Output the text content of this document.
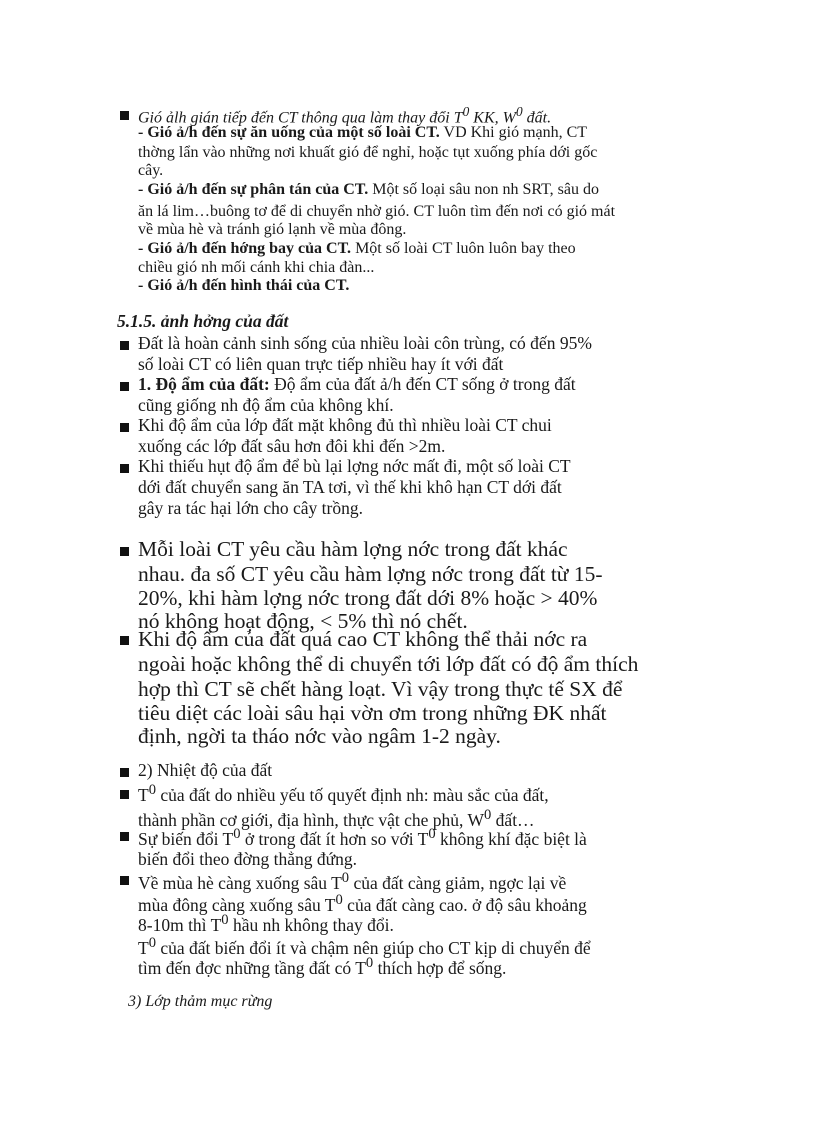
Gió ảlh gián tiếp đến CT thông qua làm thay đổi $T^0$ KK, $W^0$ đất.
- Gió ả/h đến sự ăn uống của một số loài CT. VD Khi gió mạnh, CT
thờng lẩn vào những nơi khuất gió để nghỉ, hoặc tụt xuống phía dới gốc
cây.
- Gió ả/h đến sự phân tán của CT. Một số loại sâu non nh SRT, sâu do
ăn lá lim…buông tơ để di chuyển nhờ gió. CT luôn tìm đến nơi có gió mát
về mùa hè và tránh gió lạnh về mùa đông.
- Gió ả/h đến hớng bay của CT. Một số loài CT luôn luôn bay theo
chiều gió nh mối cánh khi chia đàn...
- Gió ả/h đến hình thái của CT.
5.1.5. ảnh hởng của đất
Đất là hoàn cảnh sinh sống của nhiều loài côn trùng, có đến 95%
số loài CT có liên quan trực tiếp nhiều hay ít với đất
1. Độ ẩm của đất: Độ ẩm của đất ả/h đến CT sống ở trong đất
cũng giống nh độ ẩm của không khí.
Khi độ ẩm của lớp đất mặt không đủ thì nhiều loài CT chui
xuống các lớp đất sâu hơn đôi khi đến >2m.
Khi thiếu hụt độ ẩm để bù lại lợng nớc mất đi, một số loài CT
dới đất chuyển sang ăn TA tơi, vì thế khi khô hạn CT dới đất
gây ra tác hại lớn cho cây trồng.
Mỗi loài CT yêu cầu hàm lợng nớc trong đất khác
nhau. đa số CT yêu cầu hàm lợng nớc trong đất từ 15-
20%, khi hàm lợng nớc trong đất dới 8% hoặc > 40%
nó không hoạt động, < 5% thì nó chết.
Khi độ ẩm của đất quá cao CT không thể thải nớc ra
ngoài hoặc không thể di chuyển tới lớp đất có độ ẩm thích
hợp thì CT sẽ chết hàng loạt. Vì vậy trong thực tế SX để
tiêu diệt các loài sâu hại vờn ơm trong những ĐK nhất
định, ngời ta tháo nớc vào ngâm 1-2 ngày.
2) Nhiệt độ của đất
$T^0$ của đất do nhiều yếu tố quyết định nh: màu sắc của đất,
thành phần cơ giới, địa hình, thực vật che phủ, $W^0$ đất…
Sự biến đổi $T^0$ ở trong đất ít hơn so với $T^0$ không khí đặc biệt là
biến đổi theo đờng thẳng đứng.
Về mùa hè càng xuống sâu $T^0$ của đất càng giảm, ngợc lại về
mùa đông càng xuống sâu $T^0$ của đất càng cao. ở độ sâu khoảng
8-10m thì $T^0$ hầu nh không thay đổi.
$T^0$ của đất biến đổi ít và chậm nên giúp cho CT kịp di chuyển để
tìm đến đợc những tầng đất có $T^0$ thích hợp để sống.
3) Lớp thảm mục rừng
